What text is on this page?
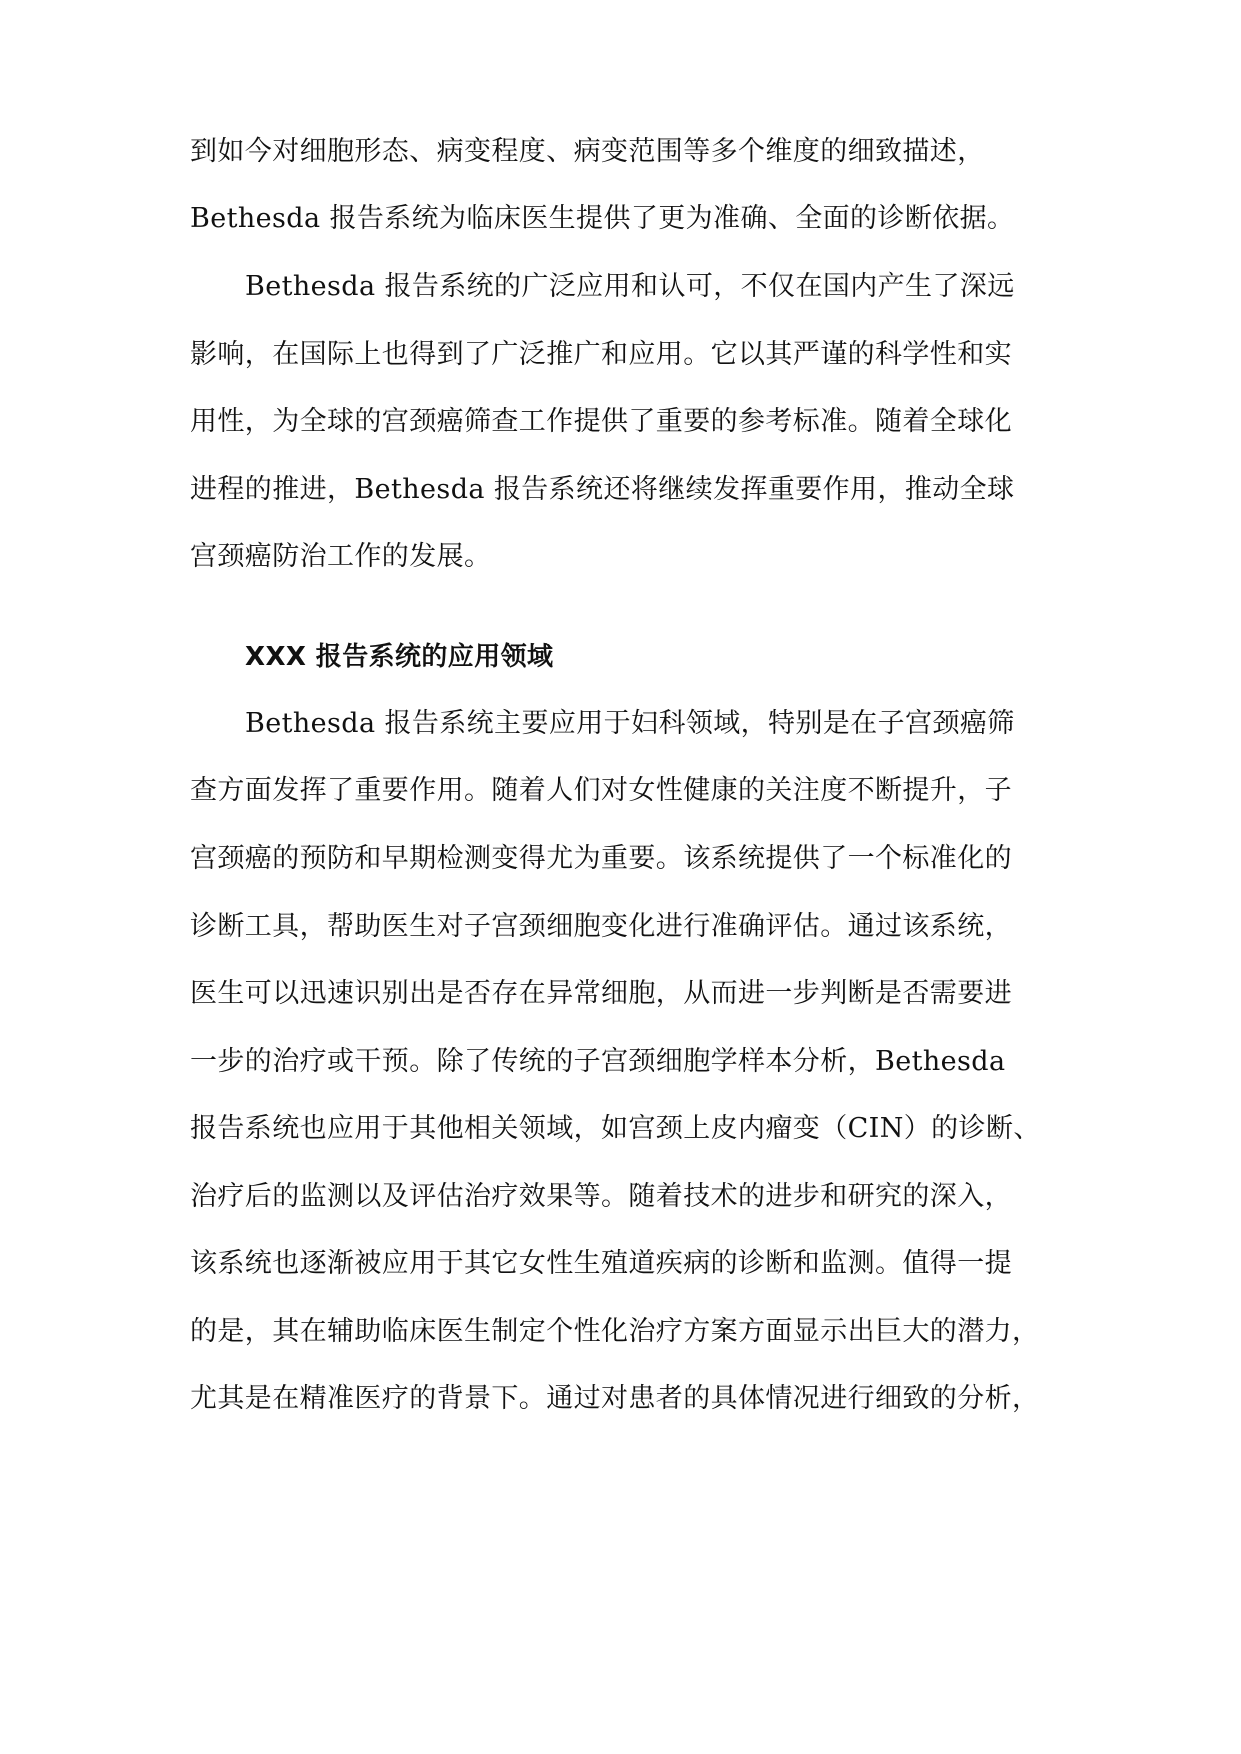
到如今对细胞形态、病变程度、病变范围等多个维度的细致描述，
Bethesda 报告系统为临床医生提供了更为准确、全面的诊断依据。
Bethesda 报告系统的广泛应用和认可，不仅在国内产生了深远
影响，在国际上也得到了广泛推广和应用。它以其严谨的科学性和实
用性，为全球的宫颈癌筛查工作提供了重要的参考标准。随着全球化
进程的推进，Bethesda 报告系统还将继续发挥重要作用，推动全球
宫颈癌防治工作的发展。
XXX 报告系统的应用领域
Bethesda 报告系统主要应用于妇科领域，特别是在子宫颈癌筛
查方面发挥了重要作用。随着人们对女性健康的关注度不断提升，子
宫颈癌的预防和早期检测变得尤为重要。该系统提供了一个标准化的
诊断工具，帮助医生对子宫颈细胞变化进行准确评估。通过该系统，
医生可以迅速识别出是否存在异常细胞，从而进一步判断是否需要进
一步的治疗或干预。除了传统的子宫颈细胞学样本分析，Bethesda
报告系统也应用于其他相关领域，如宫颈上皮内瘤变（CIN）的诊断、
治疗后的监测以及评估治疗效果等。随着技术的进步和研究的深入，
该系统也逐渐被应用于其它女性生殖道疾病的诊断和监测。值得一提
的是，其在辅助临床医生制定个性化治疗方案方面显示出巨大的潜力，
尤其是在精准医疗的背景下。通过对患者的具体情况进行细致的分析，
